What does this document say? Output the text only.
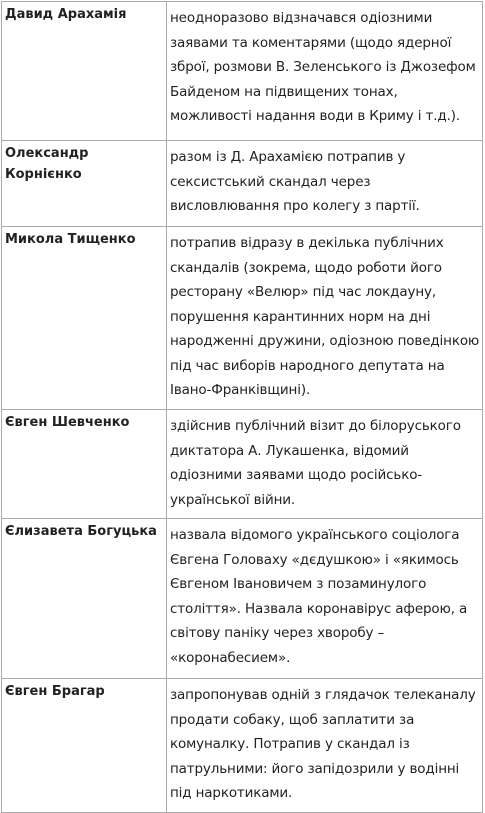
Давид Арахамія	неодноразово відзначався одіозними заявами та коментарями (щодо ядерної зброї, розмови В. Зеленського із Джозефом Байденом на підвищених тонах, можливості надання води в Криму і т.д.).
Олександр Корнієнко	разом із Д. Арахамією потрапив у сексистський скандал через висловлювання про колегу з партії.
Микола Тищенко	потрапив відразу в декілька публічних скандалів (зокрема, щодо роботи його ресторану «Велюр» під час локдауну, порушення карантинних норм на дні народженні дружини, одіозною поведінкою під час виборів народного депутата на Івано-Франківщині).
Євген Шевченко	здійснив публічний візит до білоруського диктатора А. Лукашенка, відомий одіозними заявами щодо російсько-української війни.
Єлизавета Богуцька	назвала відомого українського соціолога Євгена Головаху «дєдушкою» і «якимось Євгеном Івановичем з позаминулого століття». Назвала коронавірус аферою, а світову паніку через хворобу – «коронабесием».
Євген Брагар	запропонував одній з глядачок телеканалу продати собаку, щоб заплатити за комуналку. Потрапив у скандал із патрульними: його запідозрили у водінні під наркотиками.
